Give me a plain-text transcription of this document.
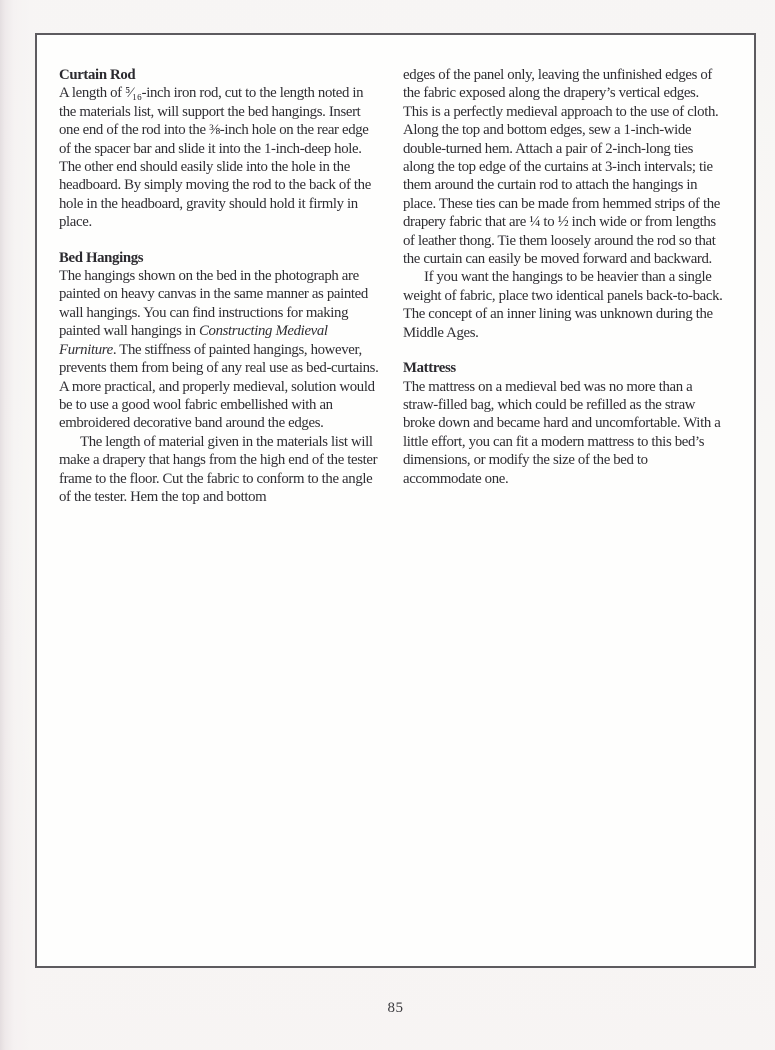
Curtain Rod

A length of ⁵⁄₁₆-inch iron rod, cut to the length noted in the materials list, will support the bed hangings. Insert one end of the rod into the ⅜-inch hole on the rear edge of the spacer bar and slide it into the 1-inch-deep hole. The other end should easily slide into the hole in the headboard. By simply moving the rod to the back of the hole in the headboard, gravity should hold it firmly in place.

Bed Hangings

The hangings shown on the bed in the photograph are painted on heavy canvas in the same manner as painted wall hangings. You can find instructions for making painted wall hangings in Constructing Medieval Furniture. The stiffness of painted hangings, however, prevents them from being of any real use as bed-curtains. A more practical, and properly medieval, solution would be to use a good wool fabric embellished with an embroidered decorative band around the edges.

The length of material given in the materials list will make a drapery that hangs from the high end of the tester frame to the floor. Cut the fabric to conform to the angle of the tester. Hem the top and bottom

edges of the panel only, leaving the unfinished edges of the fabric exposed along the drapery’s vertical edges. This is a perfectly medieval approach to the use of cloth. Along the top and bottom edges, sew a 1-inch-wide double-turned hem. Attach a pair of 2-inch-long ties along the top edge of the curtains at 3-inch intervals; tie them around the curtain rod to attach the hangings in place. These ties can be made from hemmed strips of the drapery fabric that are ¼ to ½ inch wide or from lengths of leather thong. Tie them loosely around the rod so that the curtain can easily be moved forward and backward.

If you want the hangings to be heavier than a single weight of fabric, place two identical panels back-to-back. The concept of an inner lining was unknown during the Middle Ages.

Mattress

The mattress on a medieval bed was no more than a straw-filled bag, which could be refilled as the straw broke down and became hard and uncomfortable. With a little effort, you can fit a modern mattress to this bed’s dimensions, or modify the size of the bed to accommodate one.

85
